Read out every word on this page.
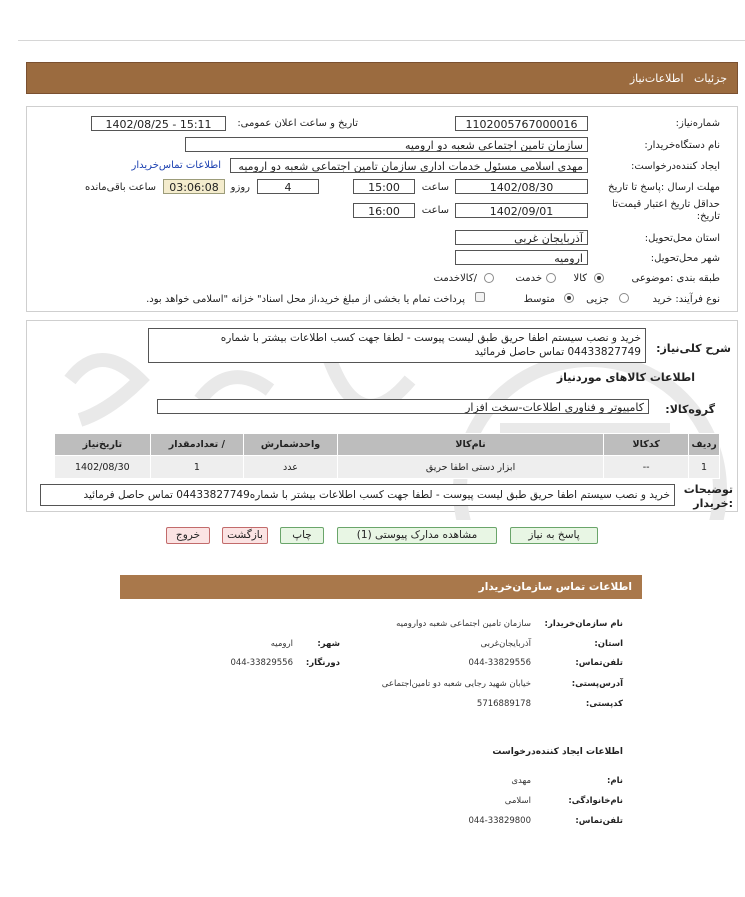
جزئیات   اطلاعات‌نیاز
شماره‌نیاز:
1102005767000016
تاریخ و ساعت اعلان عمومی:
1402/08/25 - 15:11
نام دستگاه‌خریدار:
سازمان تامین اجتماعی شعبه دو ارومیه
ایجاد کننده‌درخواست:
مهدی اسلامی مسئول خدمات اداری سازمان تامین اجتماعی شعبه دو ارومیه
اطلاعات تماس‌خریدار
مهلت ارسال :پاسخ تا تاریخ
1402/08/30
ساعت
15:00
4
روزو
03:06:08
ساعت باقی‌مانده
حداقل تاریخ اعتبار قیمت‌تا
تاریخ:
1402/09/01
ساعت
16:00
استان محل‌تحویل:
آذربایجان غربی
شهر محل‌تحویل:
ارومیه
طبقه بندی :موضوعی
کالا
خدمت
/کالاخدمت
نوع فرآیند: خرید
جزیی
متوسط
پرداخت تمام یا بخشی از مبلغ خرید،از محل اسناد" خزانه "اسلامی خواهد بود.
شرح کلی‌نیاز:
خرید و نصب سیستم اطفا حریق طبق لیست پیوست - لطفا جهت کسب اطلاعات بیشتر با شماره 04433827749 تماس حاصل فرمائید
اطلاعات کالاهای موردنیاز
گروه‌کالا:
کامپیوتر و فناوری اطلاعات-سخت افزار
ردیف	کدکالا	نام‌کالا	واحدشمارش	/ تعدادمقدار	تاریخ‌نیاز
1	--	ابزار دستی اطفا حریق	عدد	1	1402/08/30
توضیحات
:خریدار
خرید و نصب سیستم اطفا حریق طبق لیست پیوست - لطفا جهت کسب اطلاعات بیشتر با شماره04433827749 تماس حاصل فرمائید
پاسخ به نیاز
مشاهده مدارک پیوستی (1)
چاپ
بازگشت
خروج
اطلاعات تماس سازمان‌خریدار
نام سازمان‌خریدار:
سازمان تامین اجتماعی شعبه دوارومیه
استان:
آذربایجان‌غربی
شهر:
ارومیه
تلفن‌تماس:
044-33829556
دورنگار:
044-33829556
آدرس‌پستی:
خیابان شهید رجایی شعبه دو تامین‌اجتماعی
کدپستی:
5716889178
اطلاعات ایجاد کننده‌درخواست
نام:
مهدی
نام‌خانوادگی:
اسلامی
تلفن‌تماس:
044-33829800
